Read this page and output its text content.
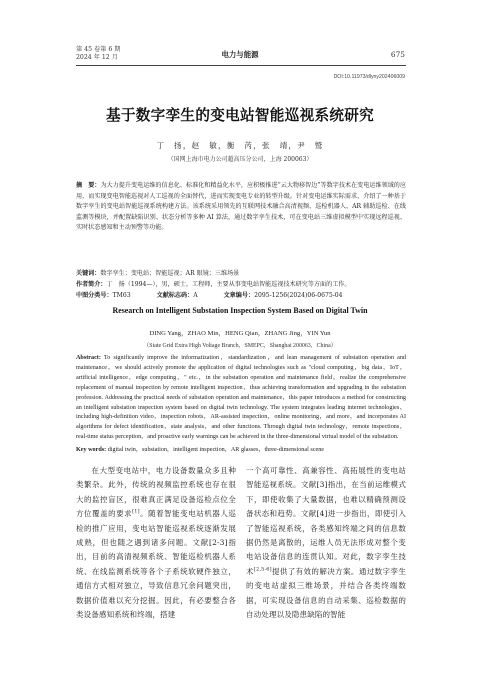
第 45 卷第 6 期
2024 年 12 月	电力与能源	675
DOI:10.11973/dlyny202406009
基于数字孪生的变电站智能巡视系统研究
丁　扬，赵　敏，衡　芮，张　靖，尹　鹫
（国网上海市电力公司超高压分公司，上海 200063）
摘　要：为大力提升变电运维的信息化、标准化和精益化水平，应积极推进“云大物移智边”等数字技术在变电运维领域的应用，而实现变电智能巡视对人工巡视的全面替代，进而实现变电专业的转型升级。针对变电运维实际需求，介绍了一种基于数字孪生的变电站智能巡视系统构建方法。该系统采用领先的互联网技术融合高清视频、巡检机器人、AR 辅助巡检、在线监测等模块，并配置缺陷识别、状态分析等多种 AI 算法，通过数字孪生技术，可在变电站三维虚拟模型中实现远程巡视、实时状态感知和主动预警等功能。
关键词：数字孪生；变电站；智能巡视；AR 眼镜；三维场景
作者简介：丁　扬（1994—），男，硕士，工程师，主要从事变电站智能巡视技术研究等方面的工作。
中图分类号：TM63	文献标志码：A	文章编号：2095-1256(2024)06-0675-04
Research on Intelligent Substation Inspection System Based on Digital Twin
DING Yang，ZHAO Min，HENG Qian，ZHANG Jing，YIN Yun
（State Grid Extra High Voltage Branch，SMEPC，Shanghai 200063，China）
Abstract: To significantly improve the informatization，standardization，and lean management of substation operation and maintenance，we should actively promote the application of digital technologies such as "cloud computing，big data，IoT，artificial intelligence，edge computing，" etc.，in the substation operation and maintenance field，realize the comprehensive replacement of manual inspection by remote intelligent inspection，thus achieving transformation and upgrading in the substation profession. Addressing the practical needs of substation operation and maintenance，this paper introduces a method for constructing an intelligent substation inspection system based on digital twin technology. The system integrates leading internet technologies，including high-definition video，inspection robots，AR-assisted inspection，online monitoring，and more，and incorporates AI algorithms for defect identification，state analysis，and other functions. Through digital twin technology，remote inspections，real-time status perception，and proactive early warnings can be achieved in the three-dimensional virtual model of the substation.
Key words: digital twin，substation，intelligent inspection，AR glasses，three-dimensional scene
在大型变电站中，电力设备数量众多且种类繁杂。此外，传统的视频监控系统也存在很大的监控盲区，很难真正满足设备巡检点位全方位覆盖的要求[1]。随着智能变电站机器人巡检的推广应用，变电站智能巡视系统逐渐发展成熟，但也随之遇到诸多问题。文献[2-3]指出，目前的高清视频系统、智能巡检机器人系统、在线监测系统等各个子系统软硬件独立，通信方式相对独立，导致信息冗余问题突出，数据价值难以充分挖掘。因此，有必要整合各类设备感知系统和终端，搭建
一个高可靠性、高兼容性、高拓展性的变电站智能巡视系统。文献[3]指出，在当前运维模式下，即使收集了大量数据，也难以精确预测设备状态和趋势。文献[4]进一步指出，即使引入了智能巡视系统，各类感知终端之间的信息数据仍然是离散的，运维人员无法形成对整个变电站设备信息的连贯认知。对此，数字孪生技术[2,5-6]提供了有效的解决方案。通过数字孪生的变电站虚拟三维场景，并结合各类终端数据，可实现设备信息的自动采集、巡检数据的自动处理以及隐患缺陷的智能
